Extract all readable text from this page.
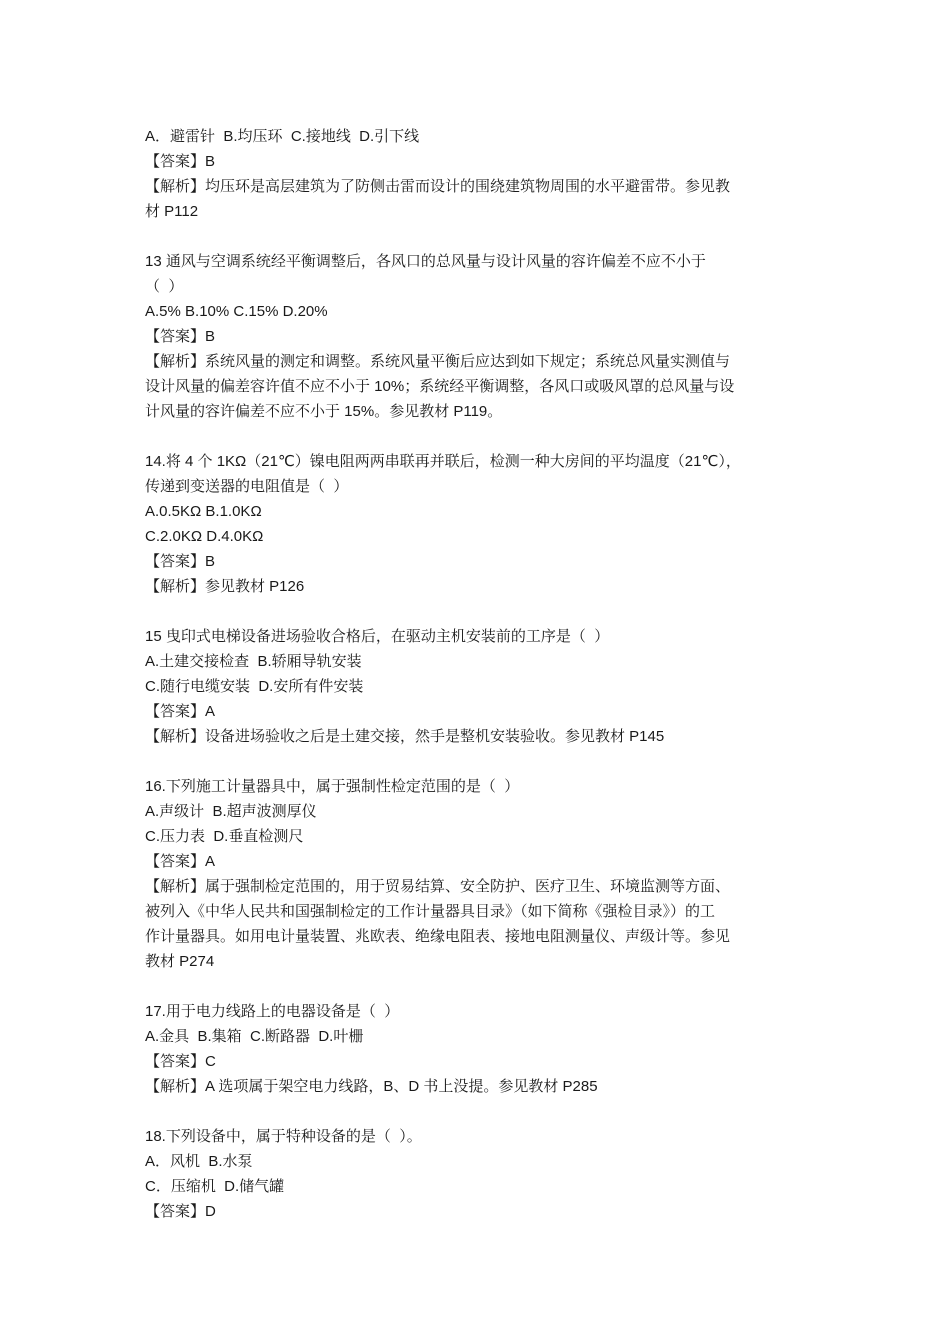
A．避雷针  B.均压环  C.接地线  D.引下线
【答案】B
【解析】均压环是高层建筑为了防侧击雷而设计的围绕建筑物周围的水平避雷带。参见教
材 P112
13 通风与空调系统经平衡调整后，各风口的总风量与设计风量的容许偏差不应不小于
（  ）
A.5% B.10% C.15% D.20%
【答案】B
【解析】系统风量的测定和调整。系统风量平衡后应达到如下规定；系统总风量实测值与
设计风量的偏差容许值不应不小于 10%；系统经平衡调整，各风口或吸风罩的总风量与设
计风量的容许偏差不应不小于 15%。参见教材 P119。
14.将 4 个 1KΩ（21℃）镍电阻两两串联再并联后，检测一种大房间的平均温度（21℃），
传递到变送器的电阻值是（  ）
A.0.5KΩ B.1.0KΩ
C.2.0KΩ D.4.0KΩ
【答案】B
【解析】参见教材 P126
15 曳印式电梯设备进场验收合格后，在驱动主机安装前的工序是（  ）
A.土建交接检查  B.轿厢导轨安装
C.随行电缆安装  D.安所有件安装
【答案】A
【解析】设备进场验收之后是土建交接，然手是整机安装验收。参见教材 P145
16.下列施工计量器具中，属于强制性检定范围的是（  ）
A.声级计  B.超声波测厚仪
C.压力表  D.垂直检测尺
【答案】A
【解析】属于强制检定范围的，用于贸易结算、安全防护、医疗卫生、环境监测等方面、
被列入《中华人民共和国强制检定的工作计量器具目录》（如下简称《强检目录》）的工
作计量器具。如用电计量装置、兆欧表、绝缘电阻表、接地电阻测量仪、声级计等。参见
教材 P274
17.用于电力线路上的电器设备是（  ）
A.金具  B.集箱  C.断路器  D.叶栅
【答案】C
【解析】A 选项属于架空电力线路，B、D 书上没提。参见教材 P285
18.下列设备中，属于特种设备的是（  ）。
A．风机  B.水泵
C．压缩机  D.储气罐
【答案】D
